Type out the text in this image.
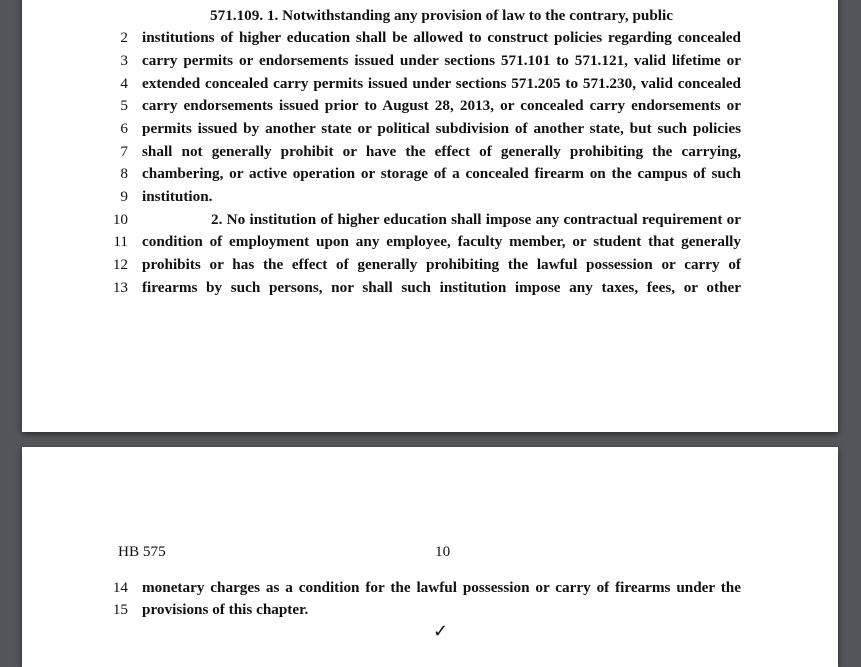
571.109. 1. Notwithstanding any provision of law to the contrary, public
2 institutions of higher education shall be allowed to construct policies regarding concealed
3 carry permits or endorsements issued under sections 571.101 to 571.121, valid lifetime or
4 extended concealed carry permits issued under sections 571.205 to 571.230, valid concealed
5 carry endorsements issued prior to August 28, 2013, or concealed carry endorsements or
6 permits issued by another state or political subdivision of another state, but such policies
7 shall not generally prohibit or have the effect of generally prohibiting the carrying,
8 chambering, or active operation or storage of a concealed firearm on the campus of such
9 institution.
10	2. No institution of higher education shall impose any contractual requirement or
11 condition of employment upon any employee, faculty member, or student that generally
12 prohibits or has the effect of generally prohibiting the lawful possession or carry of
13 firearms by such persons, nor shall such institution impose any taxes, fees, or other
HB 575	10
14 monetary charges as a condition for the lawful possession or carry of firearms under the
15 provisions of this chapter.
✓
